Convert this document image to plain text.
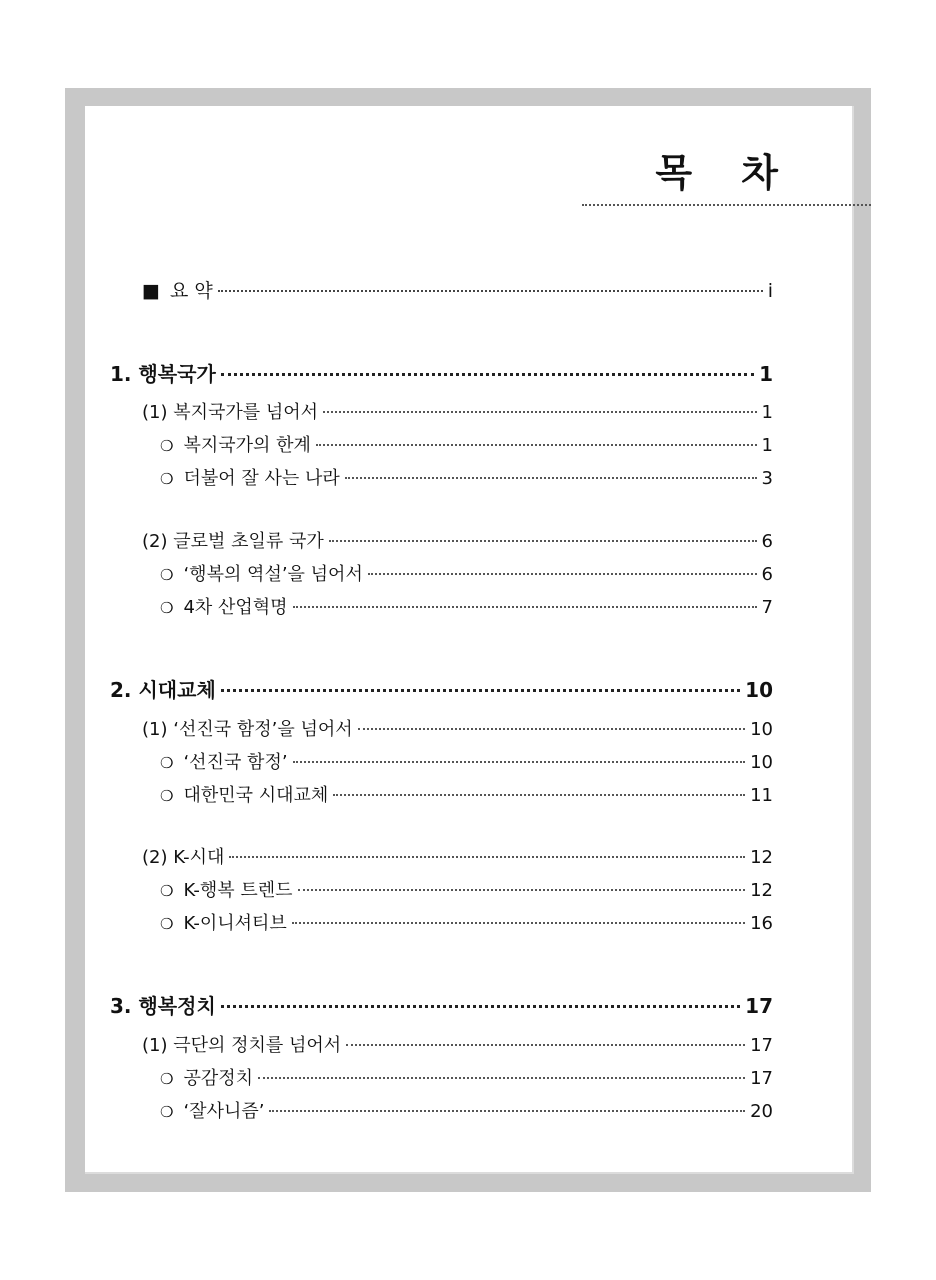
목 차
■ 요 약	i
1. 행복국가	1
(1) 복지국가를 넘어서	1
❍ 복지국가의 한계	1
❍ 더불어 잘 사는 나라	3
(2) 글로벌 초일류 국가	6
❍ ‘행복의 역설’을 넘어서	6
❍ 4차 산업혁명	7
2. 시대교체	10
(1) ‘선진국 함정’을 넘어서	10
❍ ‘선진국 함정’	10
❍ 대한민국 시대교체	11
(2) K-시대	12
❍ K-행복 트렌드	12
❍ K-이니셔티브	16
3. 행복정치	17
(1) 극단의 정치를 넘어서	17
❍ 공감정치	17
❍ ‘잘사니즘’	20
